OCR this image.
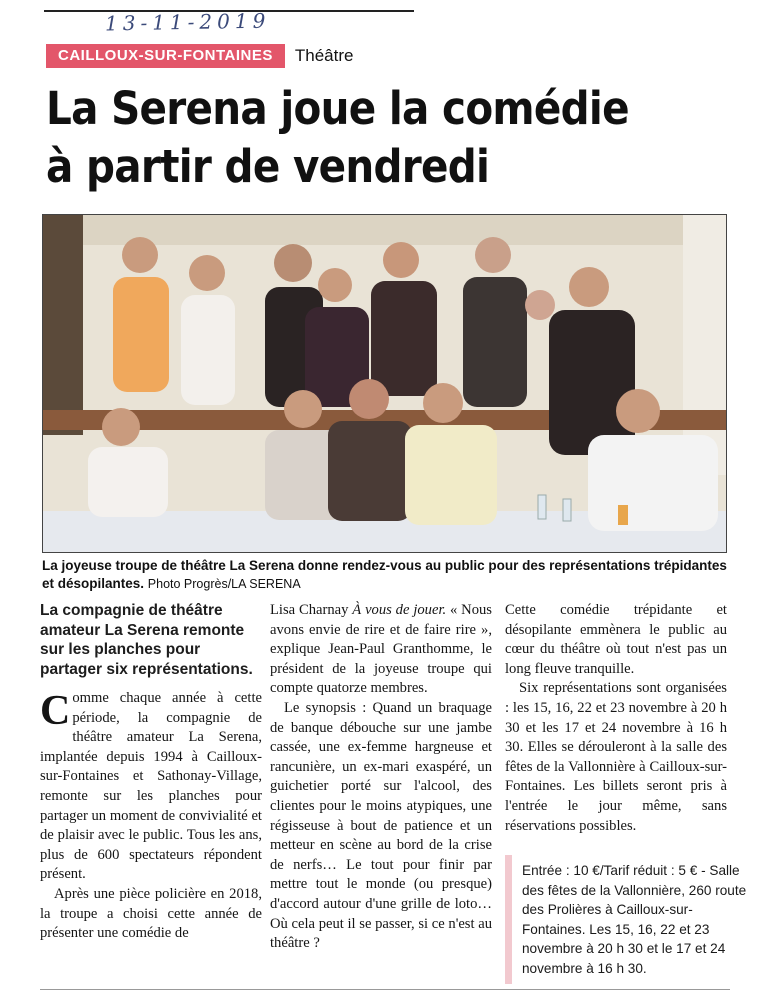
13-11-2019
CAILLOUX-SUR-FONTAINES	Théâtre
La Serena joue la comédie
à partir de vendredi
La joyeuse troupe de théâtre La Serena donne rendez-vous au public pour des représentations trépidantes et désopilantes. Photo Progrès/LA SERENA
La compagnie de théâtre amateur La Serena remonte sur les planches pour partager six représentations.

Comme chaque année à cette période, la compagnie de théâtre amateur La Serena, implantée depuis 1994 à Cailloux-sur-Fontaines et Sathonay-Village, remonte sur les planches pour partager un moment de convivialité et de plaisir avec le public. Tous les ans, plus de 600 spectateurs répondent présent.

Après une pièce policière en 2018, la troupe a choisi cette année de présenter une comédie de

Lisa Charnay À vous de jouer. « Nous avons envie de rire et de faire rire », explique Jean-Paul Granthomme, le président de la joyeuse troupe qui compte quatorze membres.

Le synopsis : Quand un braquage de banque débouche sur une jambe cassée, une ex-femme hargneuse et rancunière, un ex-mari exaspéré, un guichetier porté sur l'alcool, des clientes pour le moins atypiques, une régisseuse à bout de patience et un metteur en scène au bord de la crise de nerfs… Le tout pour finir par mettre tout le monde (ou presque) d'accord autour d'une grille de loto… Où cela peut il se passer, si ce n'est au théâtre ?

Cette comédie trépidante et désopilante emmènera le public au cœur du théâtre où tout n'est pas un long fleuve tranquille.

Six représentations sont organisées : les 15, 16, 22 et 23 novembre à 20 h 30 et les 17 et 24 novembre à 16 h 30. Elles se dérouleront à la salle des fêtes de la Vallonnière à Cailloux-sur-Fontaines. Les billets seront pris à l'entrée le jour même, sans réservations possibles.

Entrée : 10 €/Tarif réduit : 5 € - Salle des fêtes de la Vallonnière, 260 route des Prolières à Cailloux-sur-Fontaines. Les 15, 16, 22 et 23 novembre à 20 h 30 et le 17 et 24 novembre à 16 h 30.
